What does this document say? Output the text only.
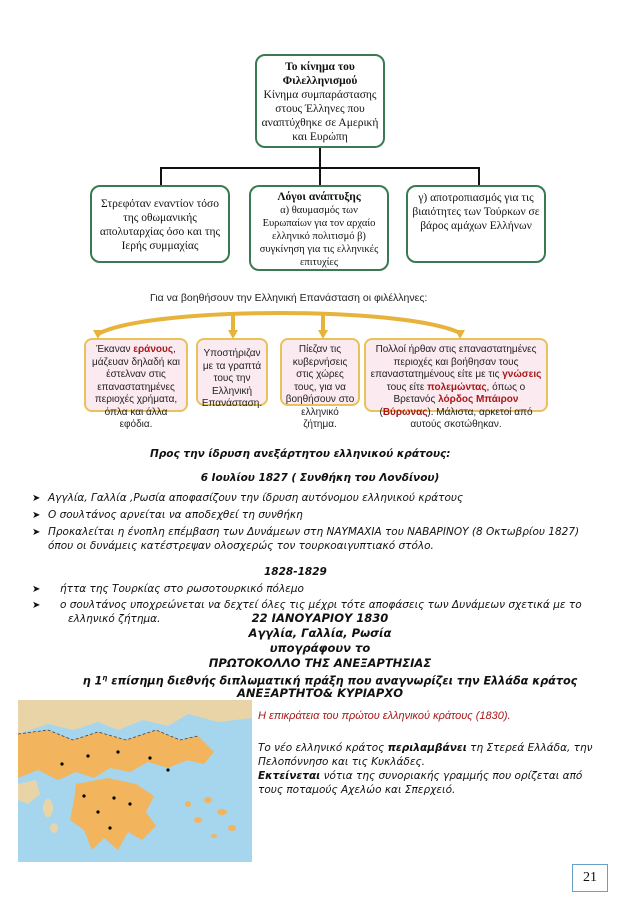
Το κίνημα του Φιλελληνισμού
Κίνημα συμπαράστασης στους Έλληνες που αναπτύχθηκε σε Αμερική και Ευρώπη
Στρεφόταν εναντίον τόσο της οθωμανικής απολυταρχίας όσο και της Ιερής συμμαχίας
Λόγοι ανάπτυξης
α) θαυμασμός των Ευρωπαίων για τον αρχαίο ελληνικό πολιτισμό β) συγκίνηση για τις ελληνικές επιτυχίες
γ) αποτροπιασμός για τις βιαιότητες των Τούρκων σε βάρος αμάχων Ελλήνων
Για να βοηθήσουν την Ελληνική Επανάσταση οι φιλέλληνες:
Έκαναν εράνους, μάζευαν δηλαδή και έστελναν στις επαναστατημένες περιοχές χρήματα, όπλα και άλλα εφόδια.
Υποστήριζαν με τα γραπτά τους την Ελληνική Επανάσταση.
Πίεζαν τις κυβερνήσεις στις χώρες τους, για να βοηθήσουν στο ελληνικό ζήτημα.
Πολλοί ήρθαν στις επαναστατημένες περιοχές και βοήθησαν τους επαναστατημένους είτε με τις γνώσεις τους είτε πολεμώντας, όπως ο Βρετανός λόρδος Μπάιρον (Βύρωνας). Μάλιστα, αρκετοί από αυτούς σκοτώθηκαν.
Προς την ίδρυση ανεξάρτητου ελληνικού κράτους:
6 Ιουλίου 1827 ( Συνθήκη του Λονδίνου)
➤ Αγγλία, Γαλλία ,Ρωσία αποφασίζουν την ίδρυση αυτόνομου ελληνικού κράτους
➤ Ο σουλτάνος αρνείται να αποδεχθεί τη συνθήκη
➤ Προκαλείται η ένοπλη επέμβαση των Δυνάμεων στη ΝΑΥΜΑΧΙΑ του ΝΑΒΑΡΙΝΟΥ (8 Οκτωβρίου 1827)
όπου οι δυνάμεις κατέστρεψαν ολοσχερώς τον τουρκοαιγυπτιακό στόλο.
1828-1829
➤ ήττα της Τουρκίας στο ρωσοτουρκικό πόλεμο
➤ ο σουλτάνος υποχρεώνεται να δεχτεί όλες τις μέχρι τότε αποφάσεις των Δυνάμεων σχετικά με το
ελληνικό ζήτημα.	22 ΙΑΝΟΥΑΡΙΟΥ 1830
Αγγλία, Γαλλία, Ρωσία
υπογράφουν το
ΠΡΩΤΟΚΟΛΛΟ ΤΗΣ ΑΝΕΞΑΡΤΗΣΙΑΣ
η $1^\eta$ επίσημη διεθνής διπλωματική πράξη που αναγνωρίζει την Ελλάδα κράτος
ΑΝΕΞΑΡΤΗΤΟ& ΚΥΡΙΑΡΧΟ
Η επικράτεια του πρώτου ελληνικού κράτους (1830).
Το νέο ελληνικό κράτος περιλαμβάνει τη Στερεά Ελλάδα, την Πελοπόννησο και τις Κυκλάδες.
Εκτείνεται νότια της συνοριακής γραμμής που ορίζεται από τους ποταμούς Αχελώο και Σπερχειό.
21
